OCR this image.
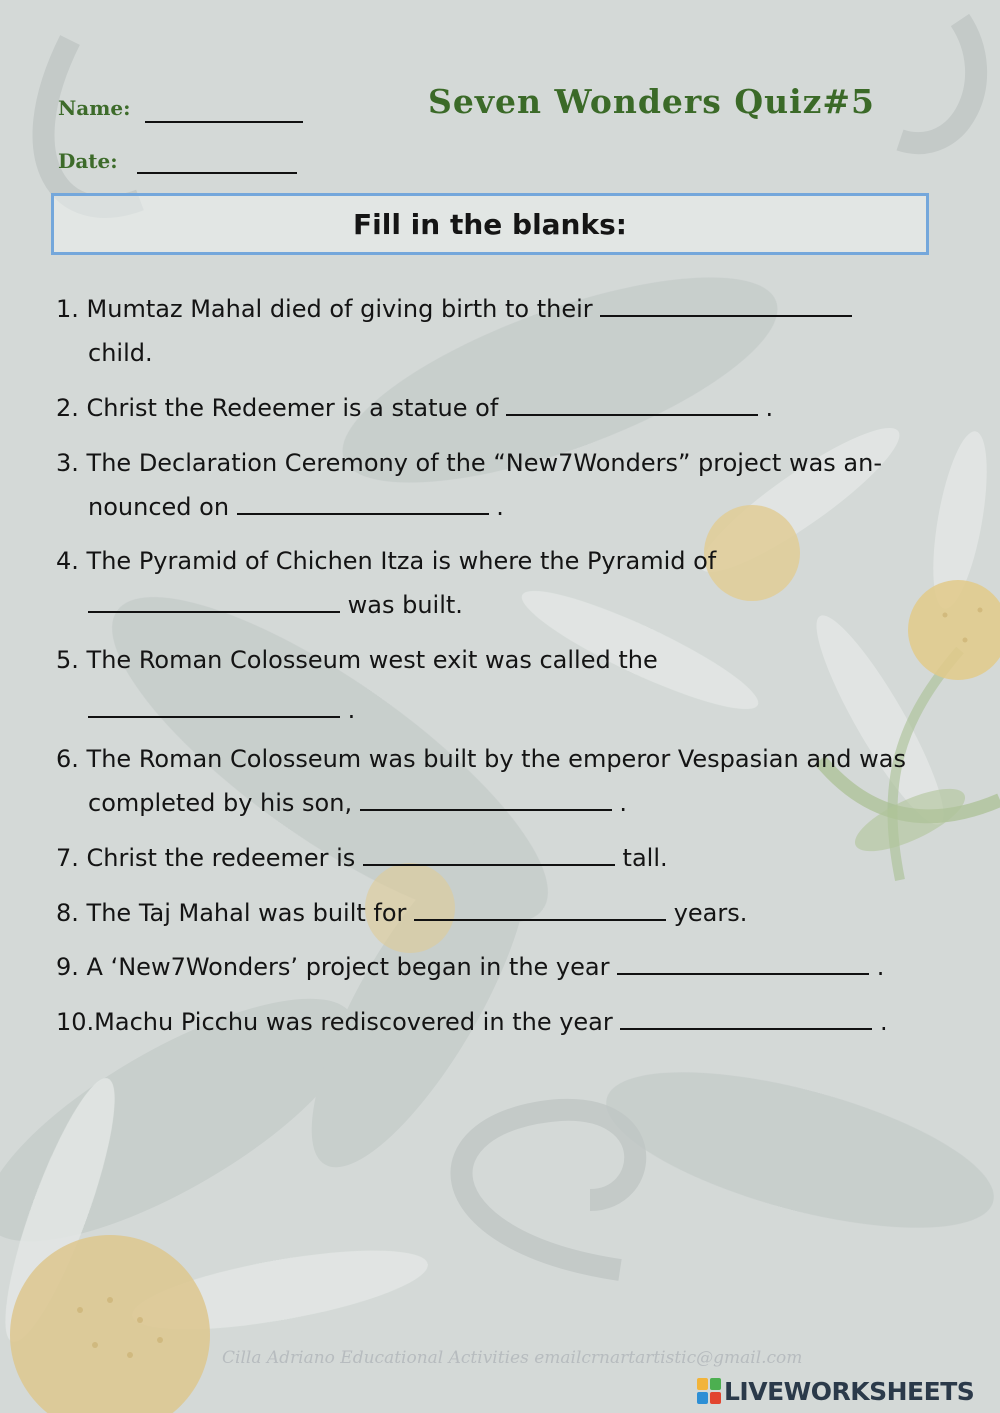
Name:
Date:
Seven Wonders Quiz#5
Fill in the blanks:
1. Mumtaz Mahal died of giving birth to their
child.
2. Christ the Redeemer is a statue of	.
3. The Declaration Ceremony of the “New7Wonders” project was an-
nounced on	.
4. The Pyramid of Chichen Itza is where the Pyramid of
was built.
5. The Roman Colosseum west exit was called the
.
6. The Roman Colosseum was built by the emperor Vespasian and was
completed by his son,	.
7. Christ the redeemer is	tall.
8. The Taj Mahal was built for	years.
9. A ‘New7Wonders’ project began in the year	.
10.Machu Picchu was rediscovered in the year	.
Cilla Adriano Educational Activities emailcrnartartistic@gmail.com
LIVEWORKSHEETS
